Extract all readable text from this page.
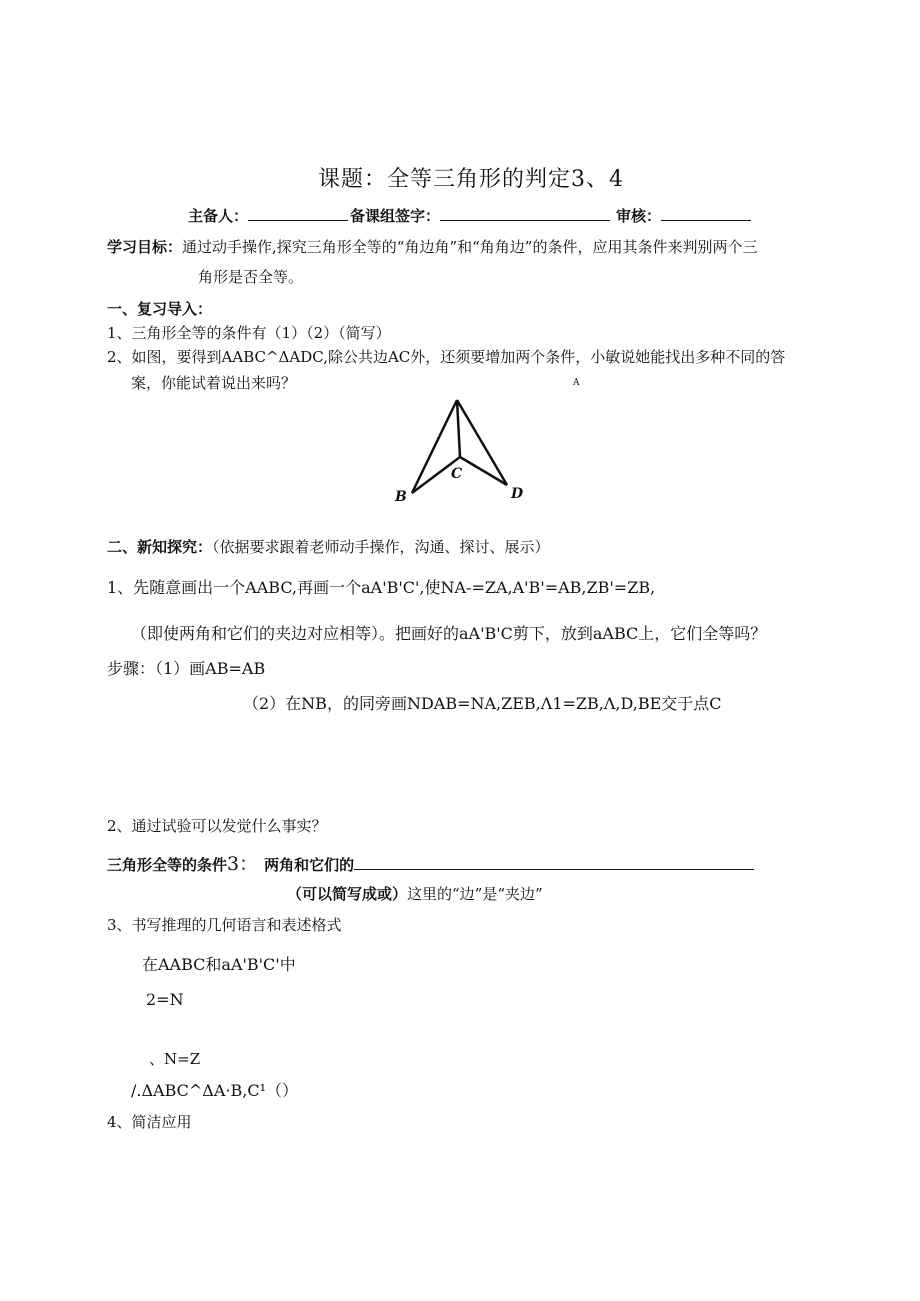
课题：全等三角形的判定3、4
主备人：	备课组签字：	审核：
学习目标：通过动手操作,探究三角形全等的“角边角”和“角角边”的条件，应用其条件来判别两个三
角形是否全等。
一、复习导入：
1、三角形全等的条件有（1）（2）（简写）
2、如图，要得到AABC^ΔADC,除公共边AC外，还须要增加两个条件，小敏说她能找出多种不同的答
案，你能试着说出来吗？	A
B
C
D
二、新知探究：（依据要求跟着老师动手操作，沟通、探讨、展示）
1、先随意画出一个AABC,再画一个aA'B'C',使NA-=ZA,A'B'=AB,ZB'=ZB,
（即使两角和它们的夹边对应相等）。把画好的aA'B'C剪下，放到aABC上，它们全等吗？
步骤：（1）画AB=AB
（2）在NB，的同旁画NDAB=NA,ZEB,Λ1=ZB,Λ,D,BE交于点C
2、通过试验可以发觉什么事实？
三角形全等的条件3： 两角和它们的
（可以简写成或）这里的“边”是“夹边”
3、书写推理的几何语言和表述格式
在AABC和aA'B'C'中
2=N
、N=Z
/.ΔABC^ΔA·B,C¹（）
4、简洁应用
